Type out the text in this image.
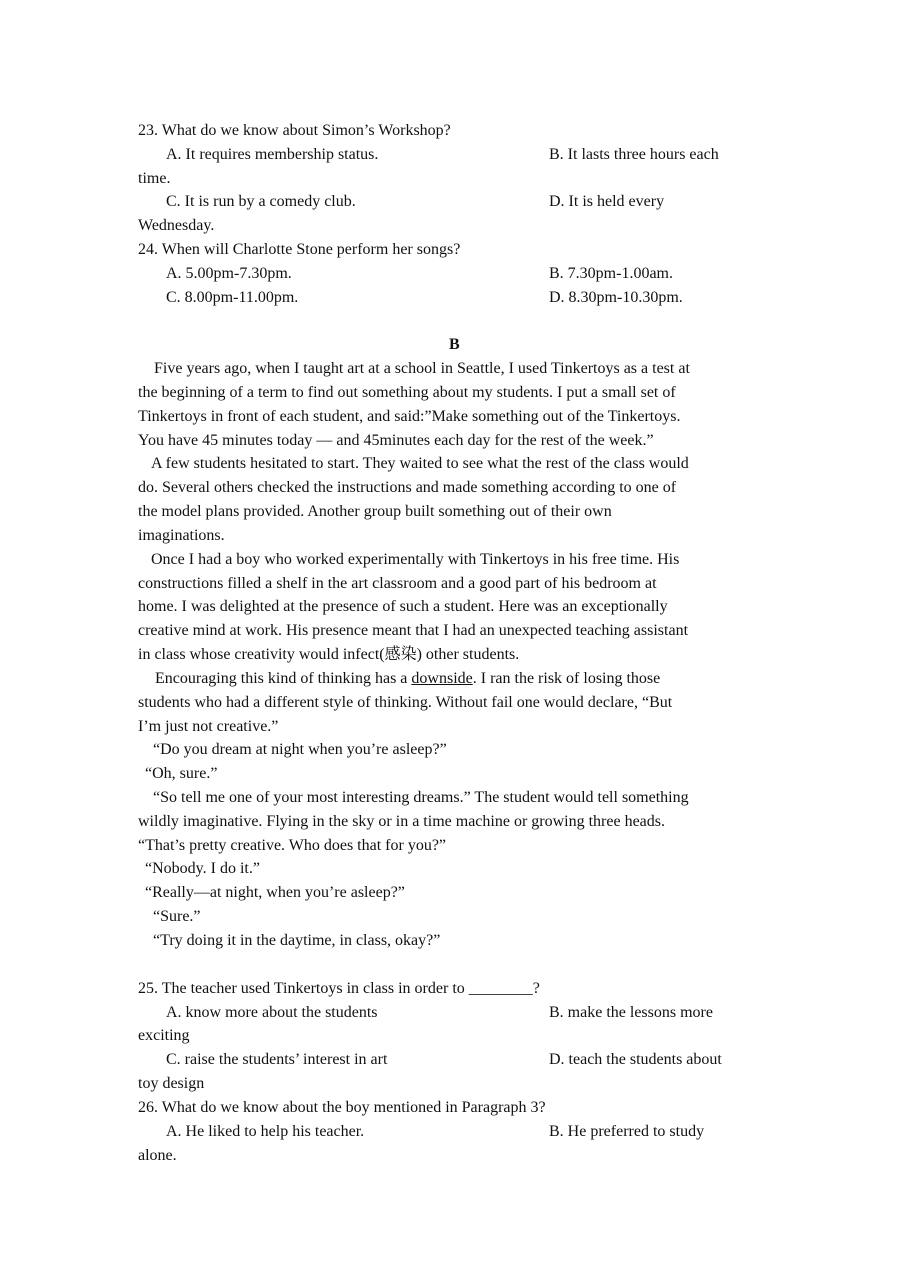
23. What do we know about Simon’s Workshop?
A. It requires membership status.	B. It lasts three hours each
time.
C. It is run by a comedy club.	D. It is held every
Wednesday.
24. When will Charlotte Stone perform her songs?
A. 5.00pm-7.30pm.	B. 7.30pm-1.00am.
C. 8.00pm-11.00pm.	D. 8.30pm-10.30pm.
B
Five years ago, when I taught art at a school in Seattle, I used Tinkertoys as a test at
the beginning of a term to find out something about my students. I put a small set of
Tinkertoys in front of each student, and said:”Make something out of the Tinkertoys.
You have 45 minutes today — and 45minutes each day for the rest of the week.”
A few students hesitated to start. They waited to see what the rest of the class would
do. Several others checked the instructions and made something according to one of
the model plans provided. Another group built something out of their own
imaginations.
Once I had a boy who worked experimentally with Tinkertoys in his free time. His
constructions filled a shelf in the art classroom and a good part of his bedroom at
home. I was delighted at the presence of such a student. Here was an exceptionally
creative mind at work. His presence meant that I had an unexpected teaching assistant
in class whose creativity would infect(感染) other students.
Encouraging this kind of thinking has a downside. I ran the risk of losing those
students who had a different style of thinking. Without fail one would declare, “But
I’m just not creative.”
“Do you dream at night when you’re asleep?”
“Oh, sure.”
“So tell me one of your most interesting dreams.” The student would tell something
wildly imaginative. Flying in the sky or in a time machine or growing three heads.
“That’s pretty creative. Who does that for you?”
“Nobody. I do it.”
“Really—at night, when you’re asleep?”
“Sure.”
“Try doing it in the daytime, in class, okay?”
25. The teacher used Tinkertoys in class in order to ________?
A. know more about the students	B. make the lessons more
exciting
C. raise the students’ interest in art	D. teach the students about
toy design
26. What do we know about the boy mentioned in Paragraph 3?
A. He liked to help his teacher.	B. He preferred to study
alone.
